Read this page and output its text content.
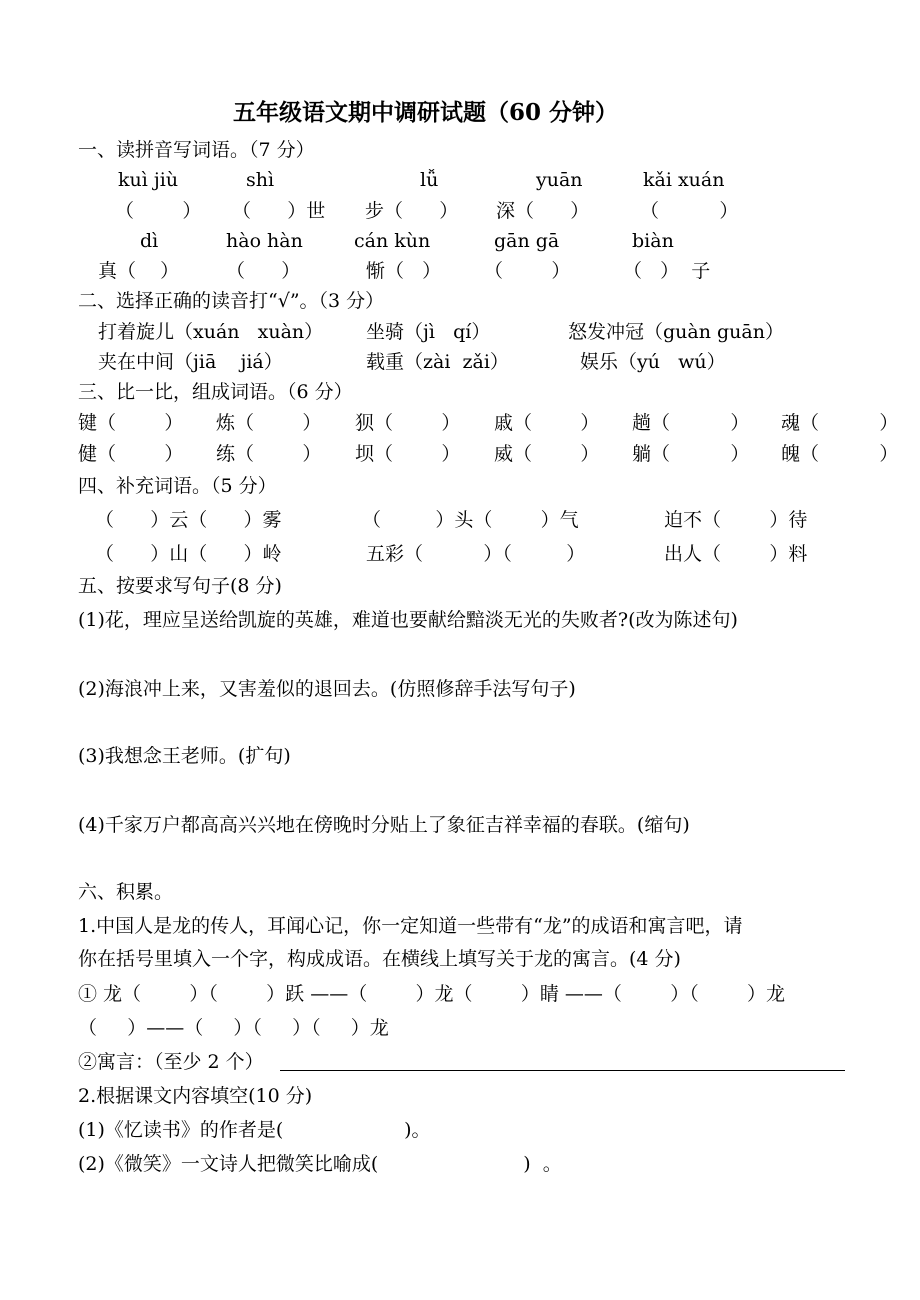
五年级语文期中调研试题（60 分钟）
一、读拼音写词语。（7 分）
kuì jiù	shì	lǚ	yuān	kǎi xuán
（        ） （      ）世 步（      ） 深（      ）	（          ）
dì	hào hàn	cán kùn	gān gā	biàn
真（    ） （      ）	惭（   ） （        ）	（   ）  子
二、选择正确的读音打“√”。（3 分）
打着旋儿（xuán   xuàn） 坐骑（jì   qí）	怒发冲冠（guàn guān）
夹在中间（jiā    jiá）	载重（zài  zǎi）	娱乐（yú   wú）
三、比一比，组成词语。（6 分）
键（        ） 炼（        ） 狈（        ） 戚（        ） 趟（          ） 魂（          ）
健（        ） 练（        ） 坝（        ） 威（        ） 躺（          ） 魄（          ）
四、补充词语。（5 分）
（      ）云（      ）雾	（         ）头（        ）气	迫不（        ）待
（      ）山（      ）岭	五彩（          ）（         ）	出人（        ）料
五、按要求写句子(8 分)
(1)花，理应呈送给凯旋的英雄，难道也要献给黯淡无光的失败者?(改为陈述句)
(2)海浪冲上来，又害羞似的退回去。(仿照修辞手法写句子)
(3)我想念王老师。(扩句)
(4)千家万户都高高兴兴地在傍晚时分贴上了象征吉祥幸福的春联。(缩句)
六、积累。
1.中国人是龙的传人，耳闻心记，你一定知道一些带有“龙”的成语和寓言吧，请
你在括号里填入一个字，构成成语。在横线上填写关于龙的寓言。(4 分)
① 龙（        ）（        ）跃 ——（        ）龙（        ）睛 ——（        ）（        ）龙
（     ）——（     ）（     ）（     ）龙
②寓言：（至少 2 个）
2.根据课文内容填空(10 分)
(1)《忆读书》的作者是(                    )。
(2)《微笑》一文诗人把微笑比喻成(                        )  。
